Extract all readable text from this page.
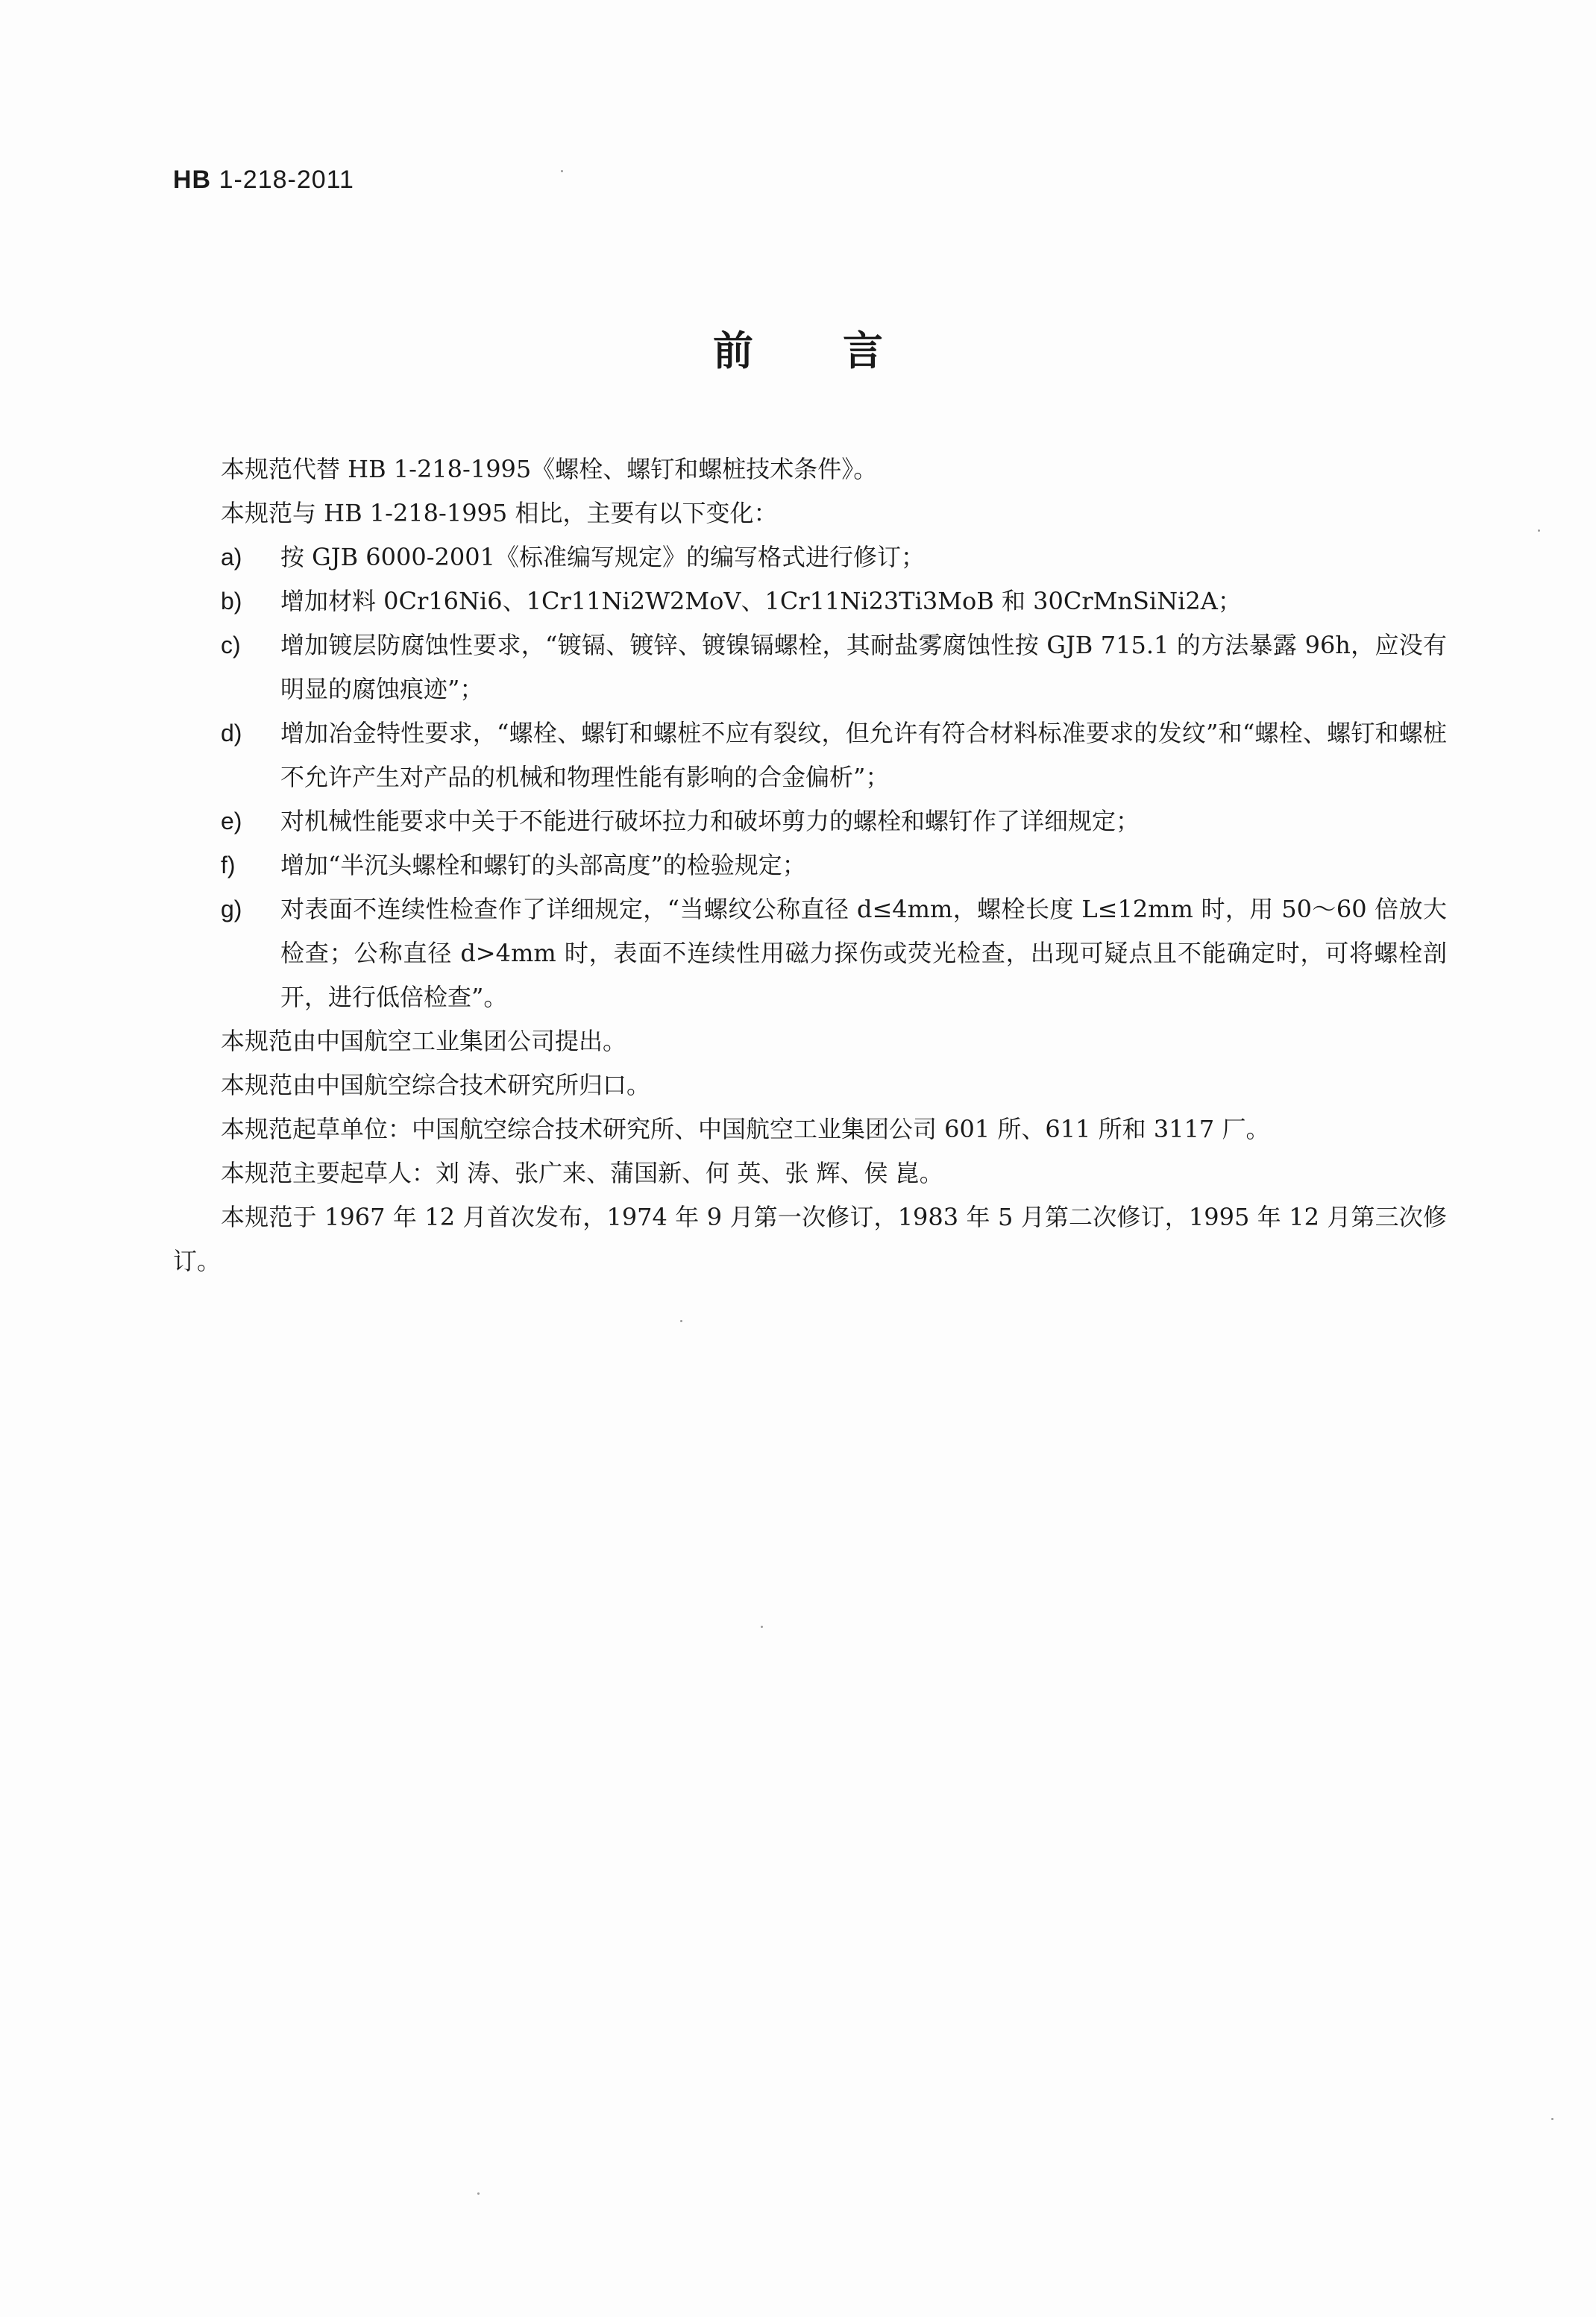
HB 1-218-2011
前言

本规范代替 HB 1-218-1995《螺栓、螺钉和螺桩技术条件》。

本规范与 HB 1-218-1995 相比，主要有以下变化：

a)	按 GJB 6000-2001《标准编写规定》的编写格式进行修订；
b)	增加材料 0Cr16Ni6、1Cr11Ni2W2MoV、1Cr11Ni23Ti3MoB 和 30CrMnSiNi2A；
c)	增加镀层防腐蚀性要求，“镀镉、镀锌、镀镍镉螺栓，其耐盐雾腐蚀性按 GJB 715.1 的方法暴露 96h，应没有明显的腐蚀痕迹”；
d)	增加冶金特性要求，“螺栓、螺钉和螺桩不应有裂纹，但允许有符合材料标准要求的发纹”和“螺栓、螺钉和螺桩不允许产生对产品的机械和物理性能有影响的合金偏析”；
e)	对机械性能要求中关于不能进行破坏拉力和破坏剪力的螺栓和螺钉作了详细规定；
f)	增加“半沉头螺栓和螺钉的头部高度”的检验规定；
g)	对表面不连续性检查作了详细规定，“当螺纹公称直径 d≤4mm，螺栓长度 L≤12mm 时，用 50～60 倍放大检查；公称直径 d>4mm 时，表面不连续性用磁力探伤或荧光检查，出现可疑点且不能确定时，可将螺栓剖开，进行低倍检查”。

本规范由中国航空工业集团公司提出。

本规范由中国航空综合技术研究所归口。

本规范起草单位：中国航空综合技术研究所、中国航空工业集团公司 601 所、611 所和 3117 厂。

本规范主要起草人：刘 涛、张广来、蒲国新、何 英、张 辉、侯 崑。

本规范于 1967 年 12 月首次发布，1974 年 9 月第一次修订，1983 年 5 月第二次修订，1995 年 12 月第三次修订。
